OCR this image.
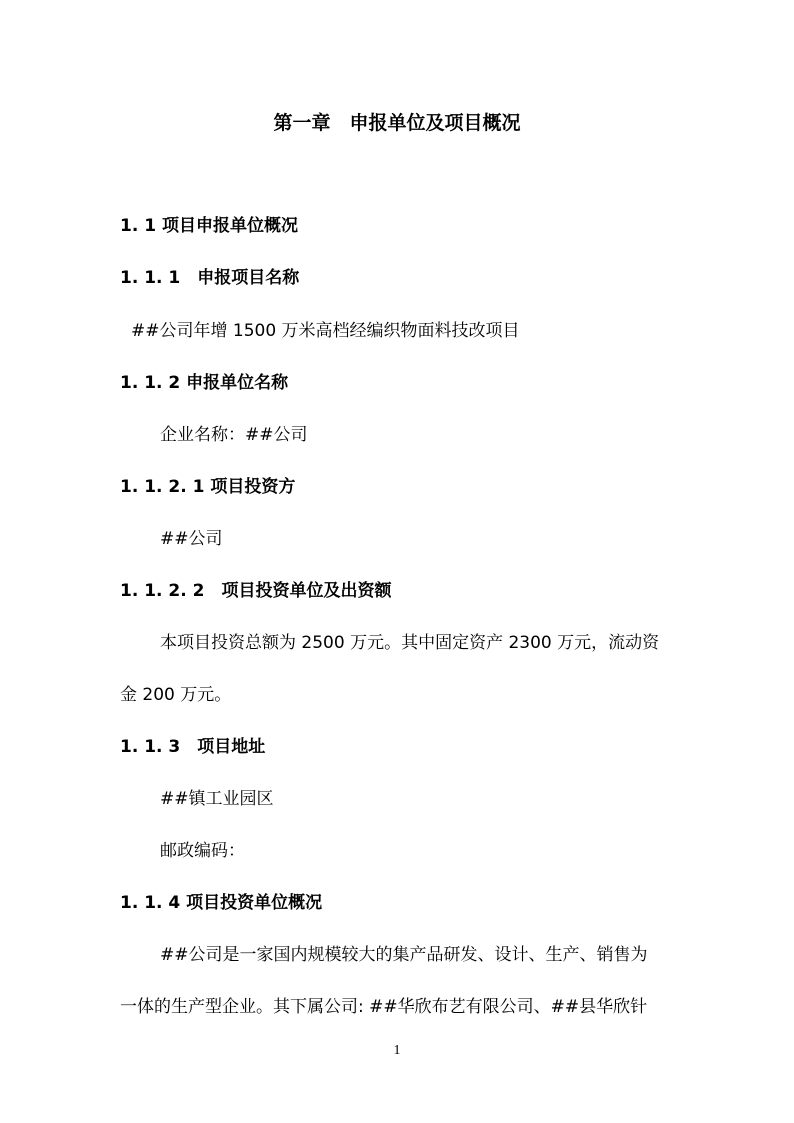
第一章　申报单位及项目概况
1. 1 项目申报单位概况
1. 1. 1　申报项目名称
##公司年增 1500 万米高档经编织物面料技改项目
1. 1. 2 申报单位名称
企业名称：##公司
1. 1. 2. 1 项目投资方
##公司
1. 1. 2. 2　项目投资单位及出资额
本项目投资总额为 2500 万元。其中固定资产 2300 万元，流动资
金 200 万元。
1. 1. 3　项目地址
##镇工业园区
邮政编码：
1. 1. 4 项目投资单位概况
##公司是一家国内规模较大的集产品研发、设计、生产、销售为
一体的生产型企业。其下属公司: ##华欣布艺有限公司、##县华欣针
1
